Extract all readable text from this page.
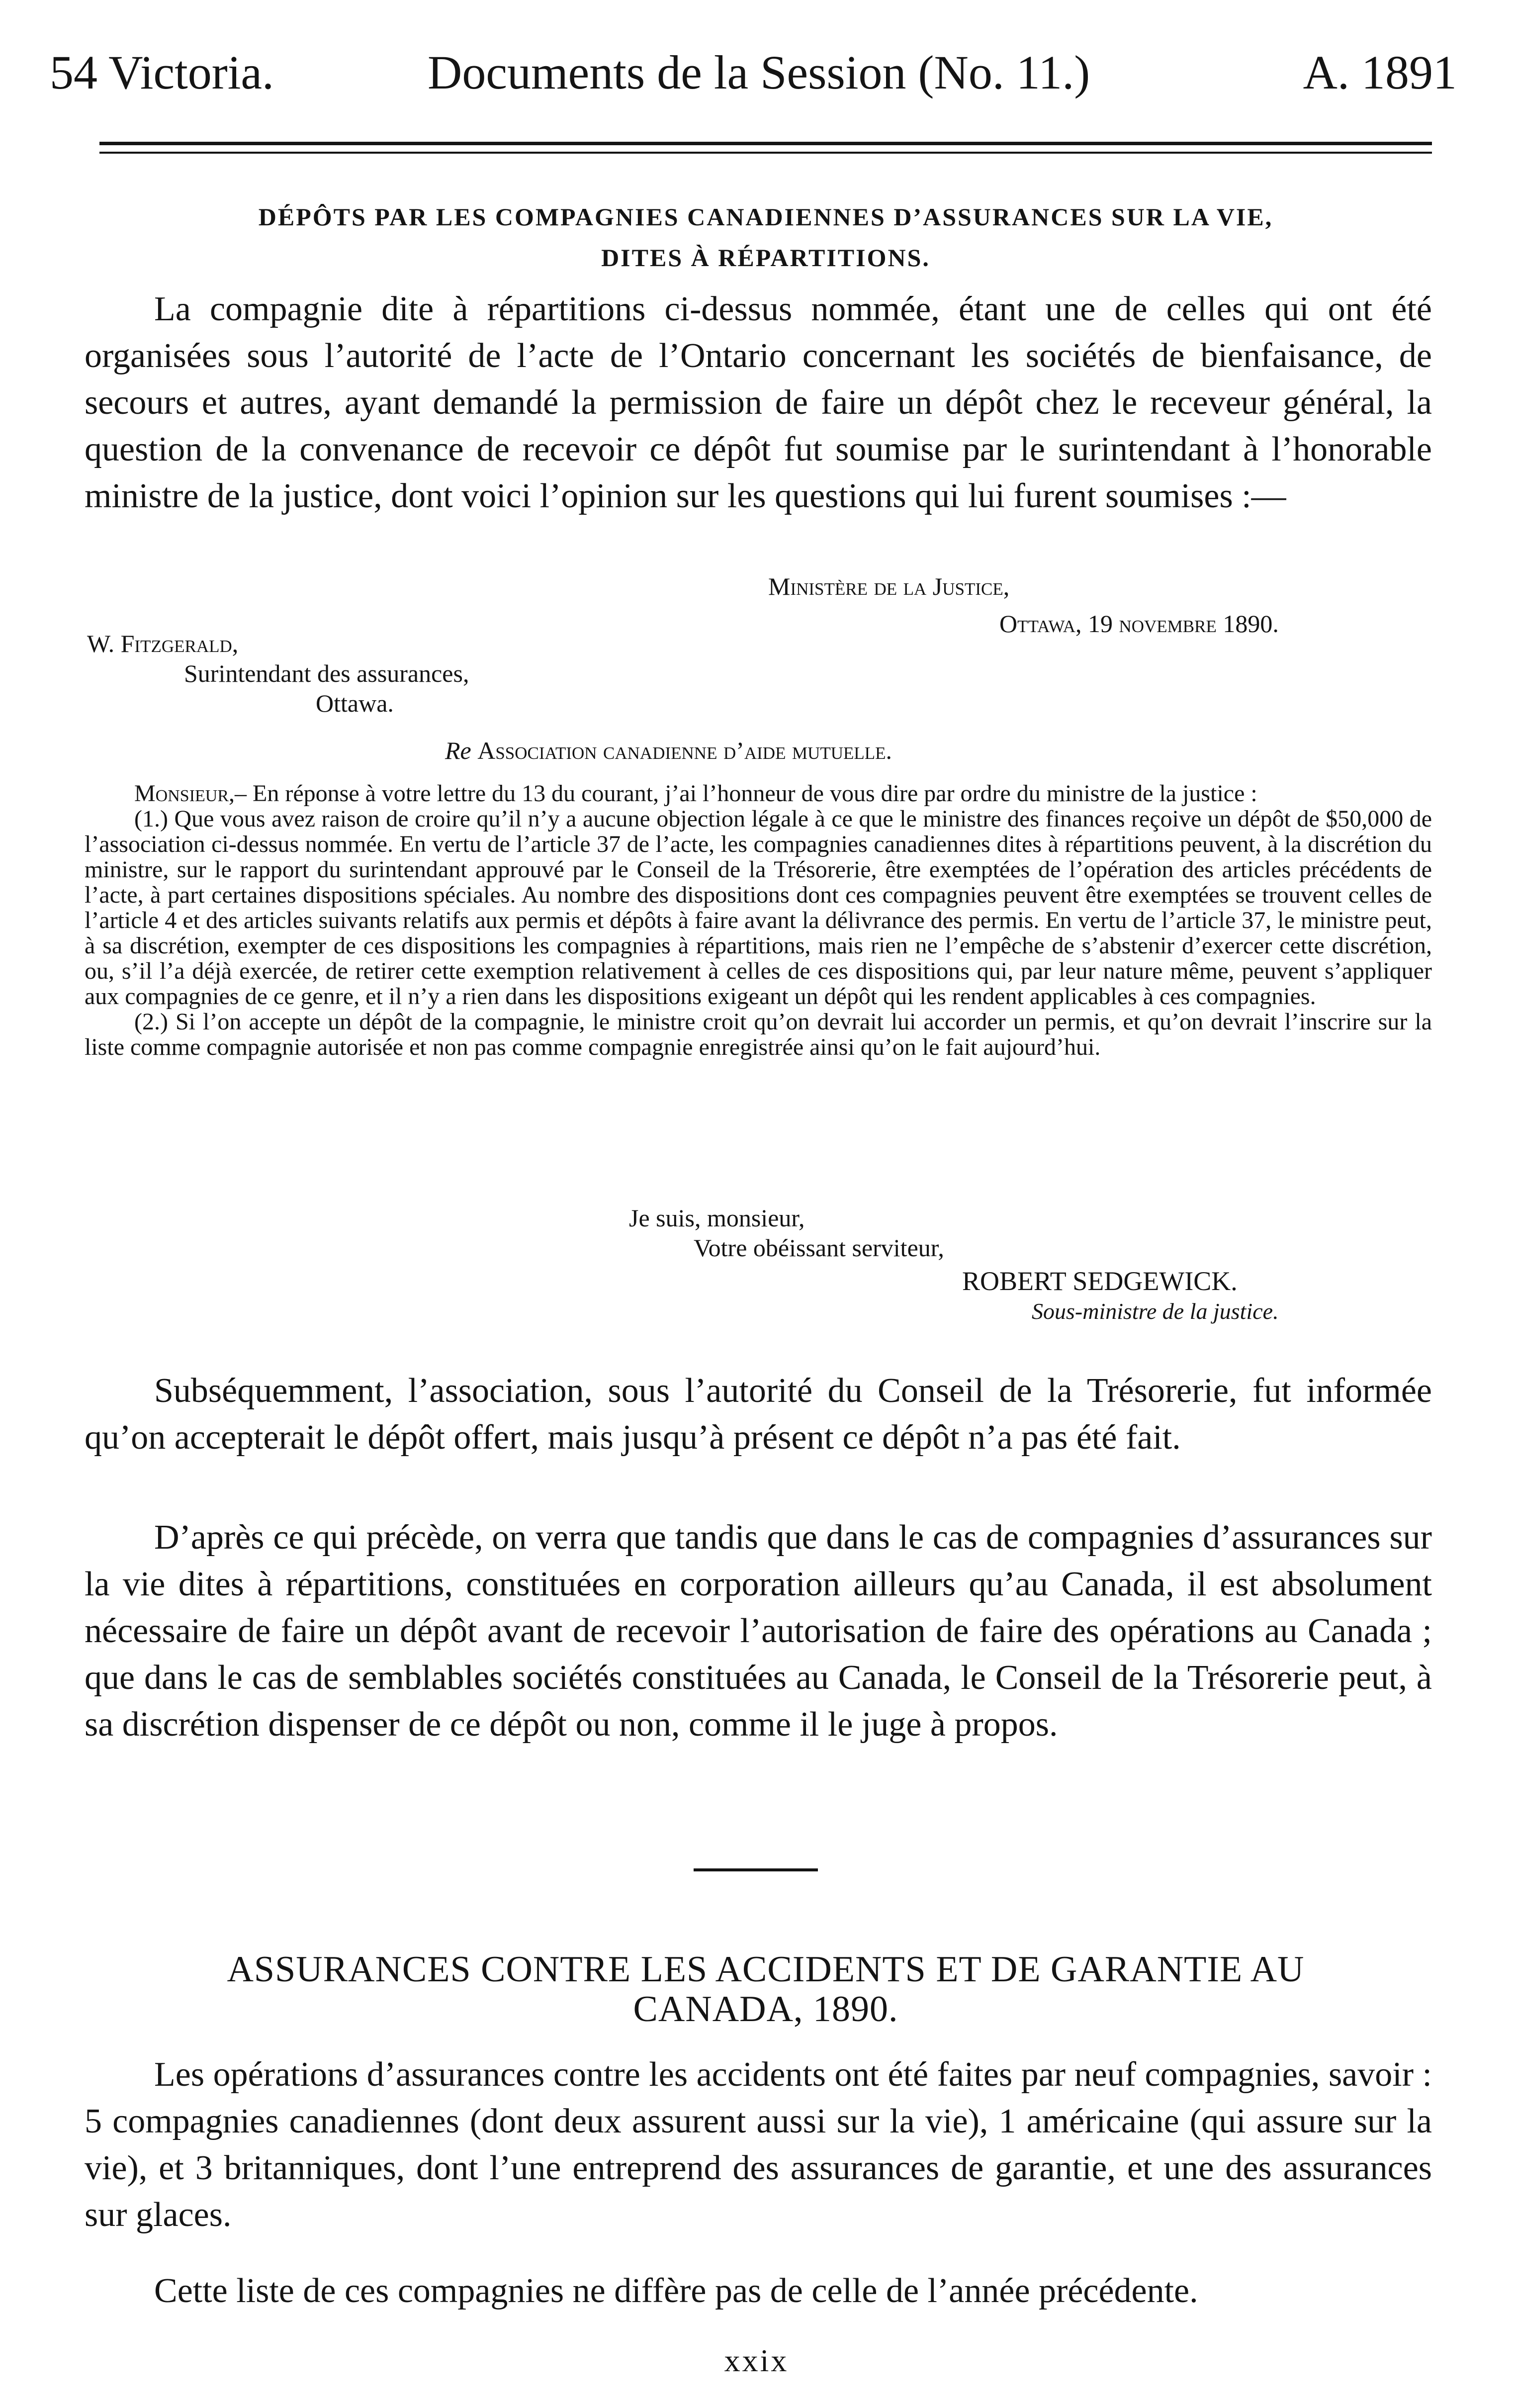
54 Victoria.	Documents de la Session (No. 11.)	A. 1891
DÉPÔTS PAR LES COMPAGNIES CANADIENNES D’ASSURANCES SUR LA VIE,
DITES À RÉPARTITIONS.

La compagnie dite à répartitions ci-dessus nommée, étant une de celles qui ont été organisées sous l’autorité de l’acte de l’Ontario concernant les sociétés de bienfaisance, de secours et autres, ayant demandé la permission de faire un dépôt chez le receveur général, la question de la convenance de recevoir ce dépôt fut soumise par le surintendant à l’honorable ministre de la justice, dont voici l’opinion sur les questions qui lui furent soumises :—

Ministère de la Justice,
Ottawa, 19 novembre 1890.
W. Fitzgerald,
Surintendant des assurances,
Ottawa.
Re Association canadienne d’aide mutuelle.

Monsieur,– En réponse à votre lettre du 13 du courant, j’ai l’honneur de vous dire par ordre du ministre de la justice :

(1.) Que vous avez raison de croire qu’il n’y a aucune objection légale à ce que le ministre des finances reçoive un dépôt de $50,000 de l’association ci-dessus nommée. En vertu de l’article 37 de l’acte, les compagnies canadiennes dites à répartitions peuvent, à la discrétion du ministre, sur le rapport du surintendant approuvé par le Conseil de la Trésorerie, être exemptées de l’opération des articles précédents de l’acte, à part certaines dispositions spéciales. Au nombre des dispositions dont ces compagnies peuvent être exemptées se trouvent celles de l’article 4 et des articles suivants relatifs aux permis et dépôts à faire avant la délivrance des permis. En vertu de l’article 37, le ministre peut, à sa discrétion, exempter de ces dispositions les compagnies à répartitions, mais rien ne l’empêche de s’abstenir d’exercer cette discrétion, ou, s’il l’a déjà exercée, de retirer cette exemption relativement à celles de ces dispositions qui, par leur nature même, peuvent s’appliquer aux compagnies de ce genre, et il n’y a rien dans les dispositions exigeant un dépôt qui les rendent applicables à ces compagnies.

(2.) Si l’on accepte un dépôt de la compagnie, le ministre croit qu’on devrait lui accorder un permis, et qu’on devrait l’inscrire sur la liste comme compagnie autorisée et non pas comme compagnie enregistrée ainsi qu’on le fait aujourd’hui.

Je suis, monsieur,
Votre obéissant serviteur,
ROBERT SEDGEWICK.
Sous-ministre de la justice.

Subséquemment, l’association, sous l’autorité du Conseil de la Trésorerie, fut informée qu’on accepterait le dépôt offert, mais jusqu’à présent ce dépôt n’a pas été fait.

D’après ce qui précède, on verra que tandis que dans le cas de compagnies d’assurances sur la vie dites à répartitions, constituées en corporation ailleurs qu’au Canada, il est absolument nécessaire de faire un dépôt avant de recevoir l’autorisation de faire des opérations au Canada ; que dans le cas de semblables sociétés constituées au Canada, le Conseil de la Trésorerie peut, à sa discrétion dispenser de ce dépôt ou non, comme il le juge à propos.

ASSURANCES CONTRE LES ACCIDENTS ET DE GARANTIE AU
CANADA, 1890.

Les opérations d’assurances contre les accidents ont été faites par neuf compagnies, savoir : 5 compagnies canadiennes (dont deux assurent aussi sur la vie), 1 américaine (qui assure sur la vie), et 3 britanniques, dont l’une entreprend des assurances de garantie, et une des assurances sur glaces.

Cette liste de ces compagnies ne diffère pas de celle de l’année précédente.

xxix
